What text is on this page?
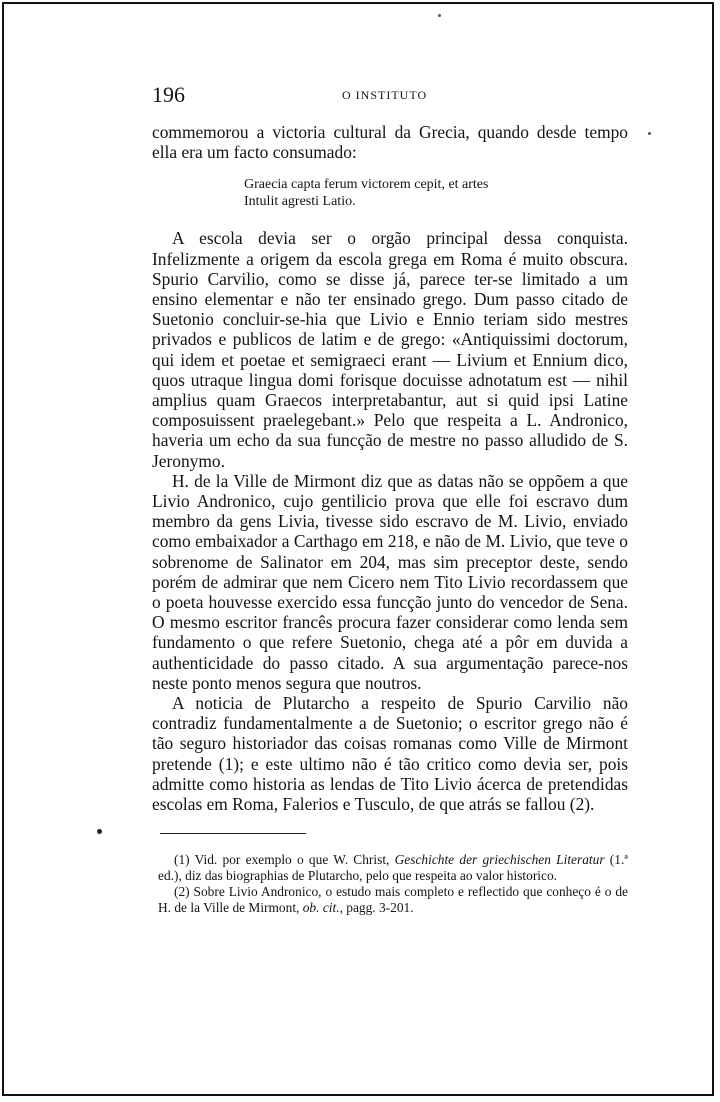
196	O INSTITUTO

commemorou a victoria cultural da Grecia, quando desde tempo ella era um facto consumado:

Graecia capta ferum victorem cepit, et artes
Intulit agresti Latio.

A escola devia ser o orgão principal dessa conquista. Infelizmente a origem da escola grega em Roma é muito obscura. Spurio Carvilio, como se disse já, parece ter-se limitado a um ensino elementar e não ter ensinado grego. Dum passo citado de Suetonio concluir-se-hia que Livio e Ennio teriam sido mestres privados e publicos de latim e de grego: «Antiquissimi doctorum, qui idem et poetae et semigraeci erant — Livium et Ennium dico, quos utraque lingua domi forisque docuisse adnotatum est — nihil amplius quam Graecos interpretabantur, aut si quid ipsi Latine composuissent praelegebant.» Pelo que respeita a L. Andronico, haveria um echo da sua funcção de mestre no passo alludido de S. Jeronymo.

H. de la Ville de Mirmont diz que as datas não se oppõem a que Livio Andronico, cujo gentilicio prova que elle foi escravo dum membro da gens Livia, tivesse sido escravo de M. Livio, enviado como embaixador a Carthago em 218, e não de M. Livio, que teve o sobrenome de Salinator em 204, mas sim preceptor deste, sendo porém de admirar que nem Cicero nem Tito Livio recordassem que o poeta houvesse exercido essa funcção junto do vencedor de Sena. O mesmo escritor francês procura fazer considerar como lenda sem fundamento o que refere Suetonio, chega até a pôr em duvida a authenticidade do passo citado. A sua argumentação parece-nos neste ponto menos segura que noutros.

A noticia de Plutarcho a respeito de Spurio Carvilio não contradiz fundamentalmente a de Suetonio; o escritor grego não é tão seguro historiador das coisas romanas como Ville de Mirmont pretende (1); e este ultimo não é tão critico como devia ser, pois admitte como historia as lendas de Tito Livio ácerca de pretendidas escolas em Roma, Falerios e Tusculo, de que atrás se fallou (2).

(1) Vid. por exemplo o que W. Christ, Geschichte der griechischen Literatur (1.ª ed.), diz das biographias de Plutarcho, pelo que respeita ao valor historico.

(2) Sobre Livio Andronico, o estudo mais completo e reflectido que conheço é o de H. de la Ville de Mirmont, ob. cit., pagg. 3-201.
